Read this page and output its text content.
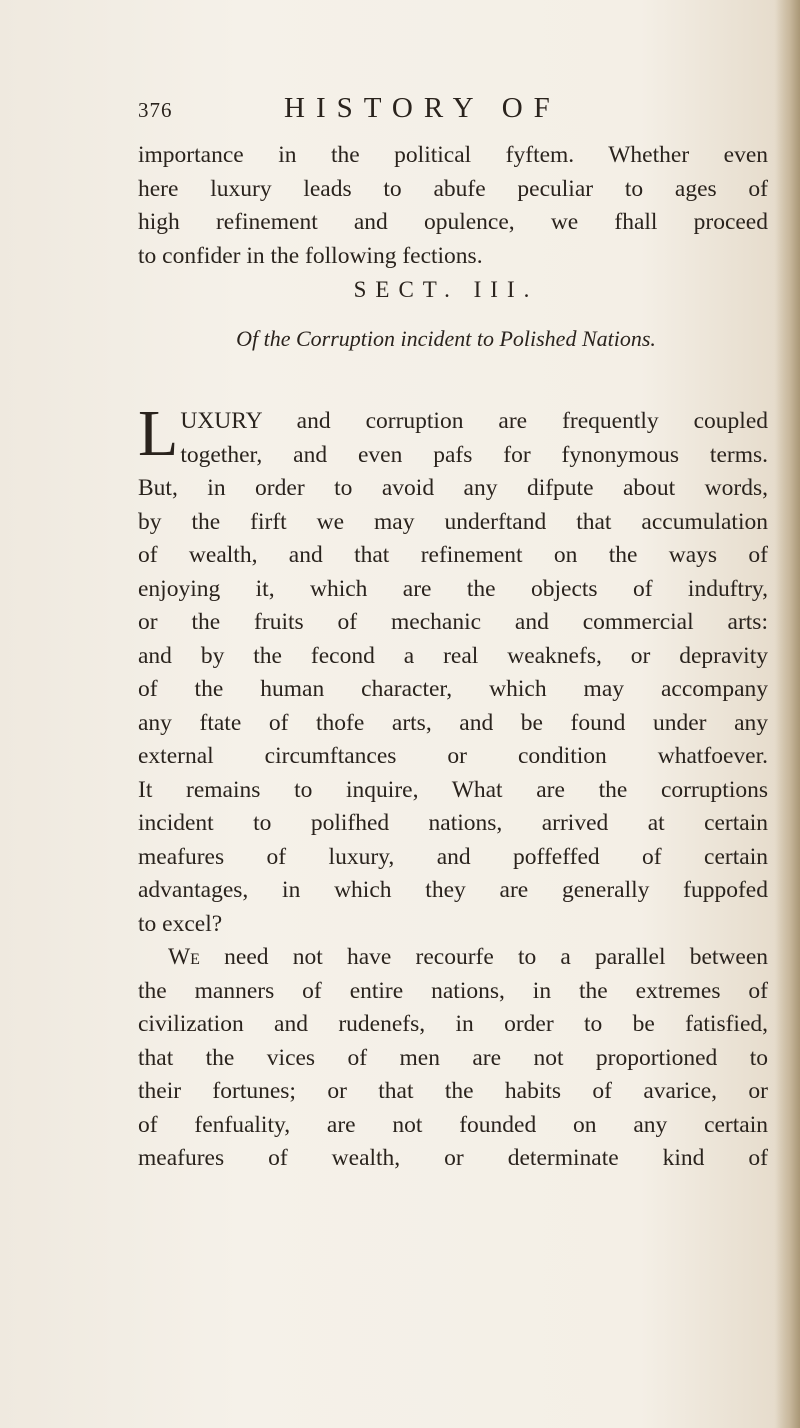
376	HISTORY OF
importance in the political fyftem. Whether even
here luxury leads to abufe peculiar to ages of
high refinement and opulence, we fhall proceed
to confider in the following fections.
SECT. III.
Of the Corruption incident to Polished Nations.
L UXURY and corruption are frequently coupled
together, and even pafs for fynonymous terms.
But, in order to avoid any difpute about words,
by the firft we may underftand that accumulation
of wealth, and that refinement on the ways of
enjoying it, which are the objects of induftry,
or the fruits of mechanic and commercial arts:
and by the fecond a real weaknefs, or depravity
of the human character, which may accompany
any ftate of thofe arts, and be found under any
external circumftances or condition whatfoever.
It remains to inquire, What are the corruptions
incident to polifhed nations, arrived at certain
meafures of luxury, and poffeffed of certain
advantages, in which they are generally fuppofed
to excel?
We need not have recourfe to a parallel between
the manners of entire nations, in the extremes of
civilization and rudenefs, in order to be fatisfied,
that the vices of men are not proportioned to
their fortunes; or that the habits of avarice, or
of fenfuality, are not founded on any certain
meafures of wealth, or determinate kind of
